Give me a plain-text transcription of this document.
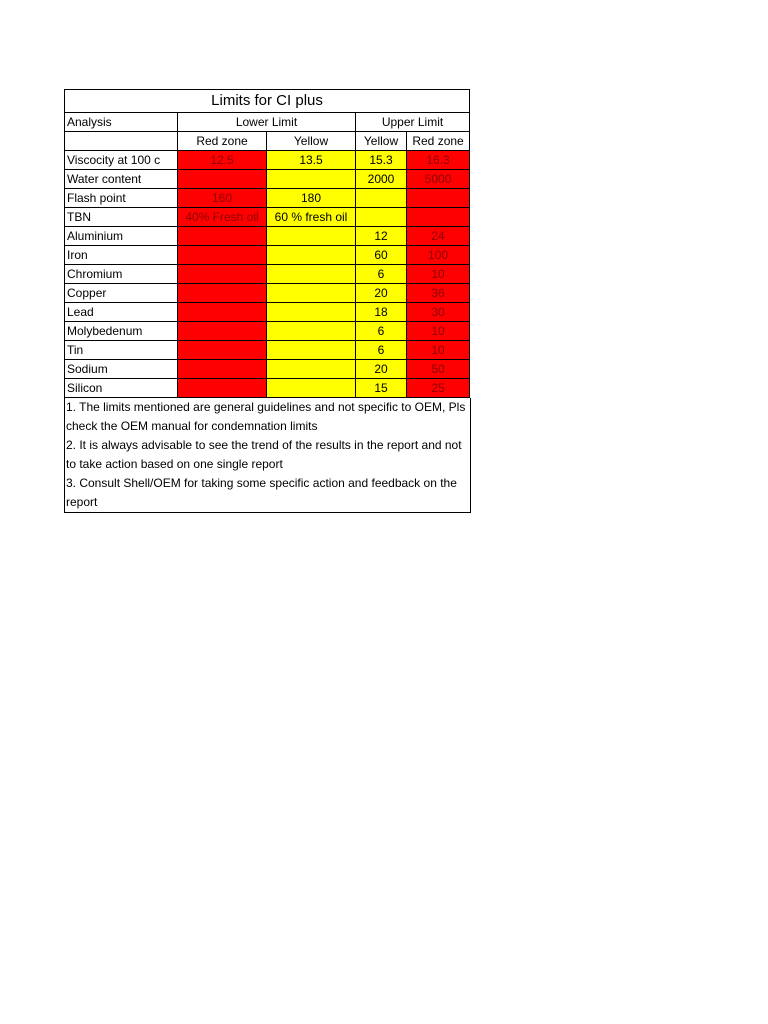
Limits for CI plus				
Analysis	Lower Limit		Upper Limit	
	Red zone	Yellow	Yellow	Red zone
Viscocity at 100 c	12.5	13.5	15.3	16.3
Water content			2000	5000
Flash point	160	180		
TBN	40% Fresh oil	60 % fresh oil		
Aluminium			12	24
Iron			60	100
Chromium			6	10
Copper			20	36
Lead			18	30
Molybedenum			6	10
Tin			6	10
Sodium			20	50
Silicon			15	25

1. The limits mentioned are general guidelines and not specific to OEM, Pls check the OEM manual for condemnation limits

2. It is always advisable to see the trend of the results in the report and not to take action based on one single report

3. Consult Shell/OEM for taking some specific action and feedback on the report
